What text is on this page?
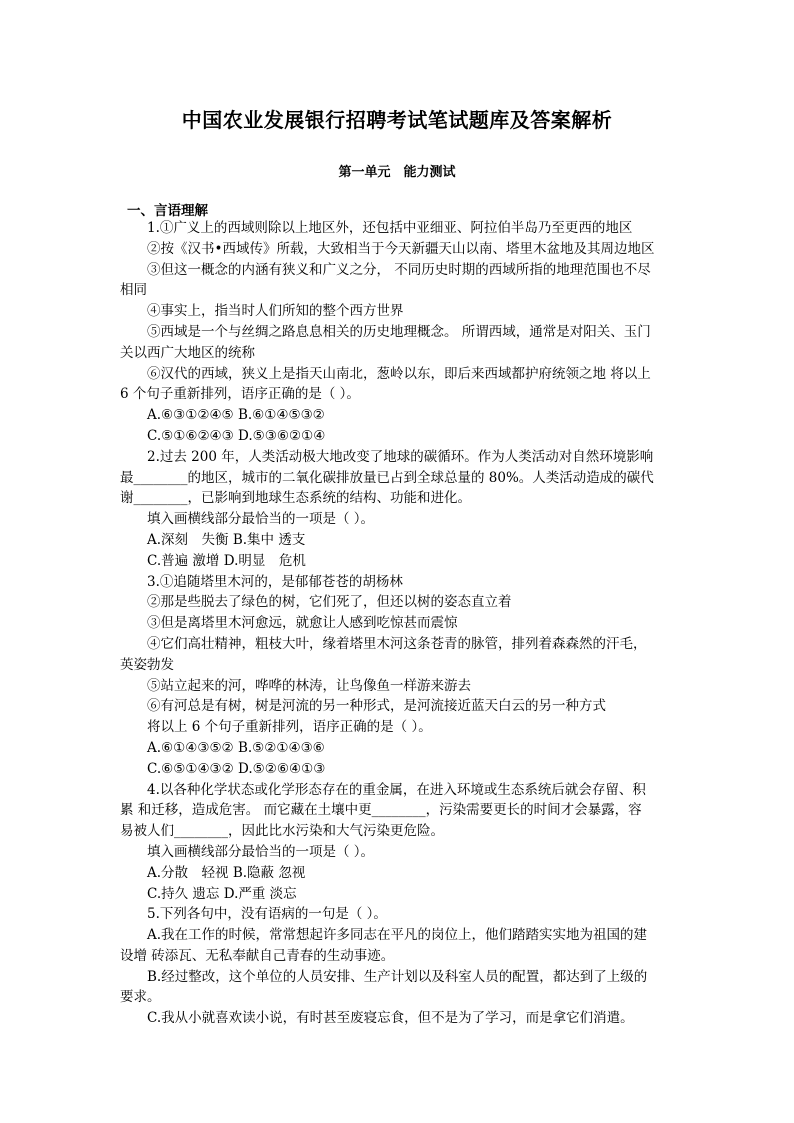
中国农业发展银行招聘考试笔试题库及答案解析
第一单元　能力测试
一、言语理解
1.①广义上的西域则除以上地区外，还包括中亚细亚、阿拉伯半岛乃至更西的地区
②按《汉书•西域传》所载，大致相当于今天新疆天山以南、塔里木盆地及其周边地区
③但这一概念的内涵有狭义和广义之分， 不同历史时期的西域所指的地理范围也不尽
相同
④事实上，指当时人们所知的整个西方世界
⑤西域是一个与丝绸之路息息相关的历史地理概念。 所谓西域，通常是对阳关、玉门
关以西广大地区的统称
⑥汉代的西域，狭义上是指天山南北，葱岭以东，即后来西域都护府统领之地 将以上
6 个句子重新排列，语序正确的是（ ）。
A.⑥③①②④⑤ B.⑥①④⑤③②
C.⑤①⑥②④③ D.⑤③⑥②①④
2.过去 200 年，人类活动极大地改变了地球的碳循环。作为人类活动对自然环境影响
最________的地区，城市的二氧化碳排放量已占到全球总量的 80%。人类活动造成的碳代
谢________，已影响到地球生态系统的结构、功能和进化。
填入画横线部分最恰当的一项是（ ）。
A.深刻　失衡 B.集中 透支
C.普遍 激增 D.明显　危机
3.①追随塔里木河的，是郁郁苍苍的胡杨林
②那是些脱去了绿色的树，它们死了，但还以树的姿态直立着
③但是离塔里木河愈远，就愈让人感到吃惊甚而震惊
④它们高壮精神，粗枝大叶，缘着塔里木河这条苍青的脉管，排列着森森然的汗毛，
英姿勃发
⑤站立起来的河，哗哗的林涛，让鸟像鱼一样游来游去
⑥有河总是有树，树是河流的另一种形式，是河流接近蓝天白云的另一种方式
将以上 6 个句子重新排列，语序正确的是（ ）。
A.⑥①④③⑤② B.⑤②①④③⑥
C.⑥⑤①④③② D.⑤②⑥④①③
4.以各种化学状态或化学形态存在的重金属，在进入环境或生态系统后就会存留、积
累 和迁移，造成危害。 而它藏在土壤中更________，污染需要更长的时间才会暴露，容
易被人们________，因此比水污染和大气污染更危险。
填入画横线部分最恰当的一项是（ ）。
A.分散　轻视 B.隐蔽 忽视
C.持久 遗忘 D.严重 淡忘
5.下列各句中，没有语病的一句是（ ）。
A.我在工作的时候，常常想起许多同志在平凡的岗位上，他们踏踏实实地为祖国的建
设增 砖添瓦、无私奉献自己青春的生动事迹。
B.经过整改，这个单位的人员安排、生产计划以及科室人员的配置，都达到了上级的
要求。
C.我从小就喜欢读小说，有时甚至废寝忘食，但不是为了学习，而是拿它们消遣。
